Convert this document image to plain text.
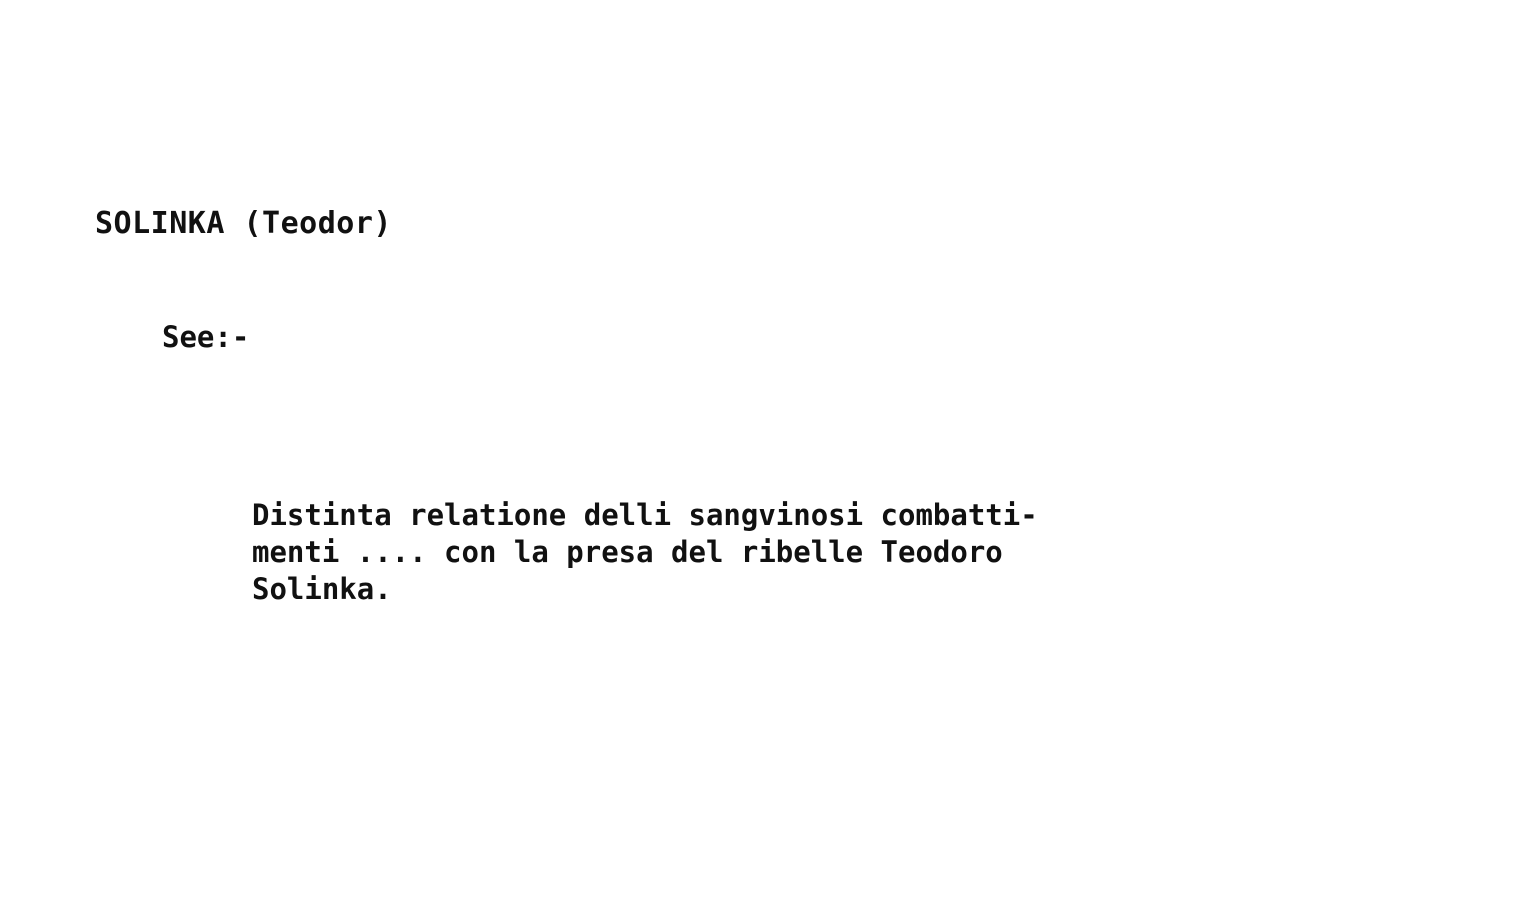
SOLINKA (Teodor)
See:-
Distinta relatione delli sangvinosi combatti-
menti .... con la presa del ribelle Teodoro
Solinka.
